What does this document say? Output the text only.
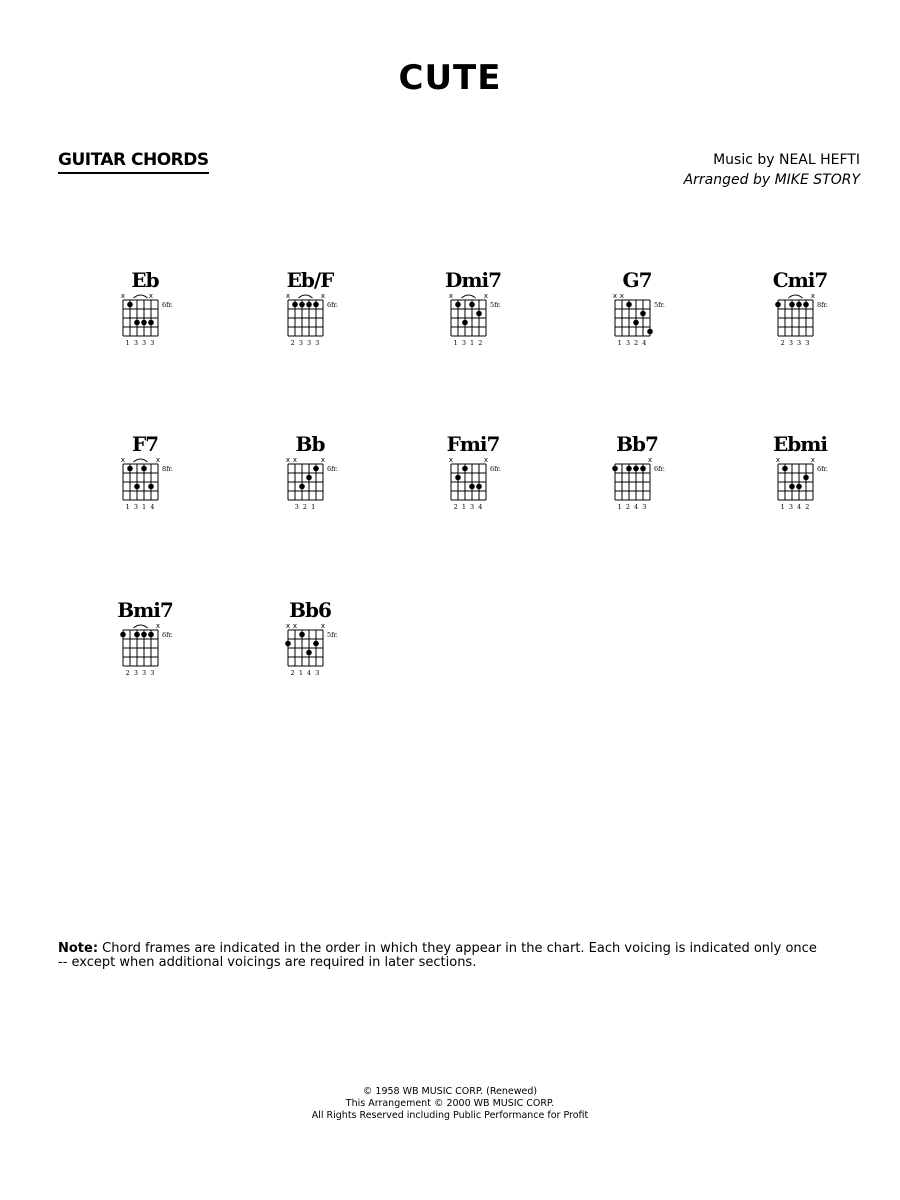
CUTE
GUITAR CHORDS	Music by NEAL HEFTI
Arranged by MIKE STORY
Eb
x	x
6fr.
1 3 3 3
Eb/F
x	x
6fr.
2 3 3 3
Dmi7
x	x
5fr.
1 3 1 2
G7
x x
5fr.
1 3 2 4
Cmi7
x
8fr.
2 3 3 3
F7
x	x
8fr.
1 3 1 4
Bb
x x	x
6fr.
3 2 1
Fmi7
x	x
6fr.
2 1 3 4
Bb7
x
6fr.
1 2 4 3
Ebmi
x	x
6fr.
1 3 4 2
Bmi7
x
6fr.
2 3 3 3
Bb6
x x	x
5fr.
2 1 4 3
Note: Chord frames are indicated in the order in which they appear in the chart. Each voicing is indicated only once -- except when additional voicings are required in later sections.
© 1958 WB MUSIC CORP. (Renewed)
This Arrangement © 2000 WB MUSIC CORP.
All Rights Reserved including Public Performance for Profit
